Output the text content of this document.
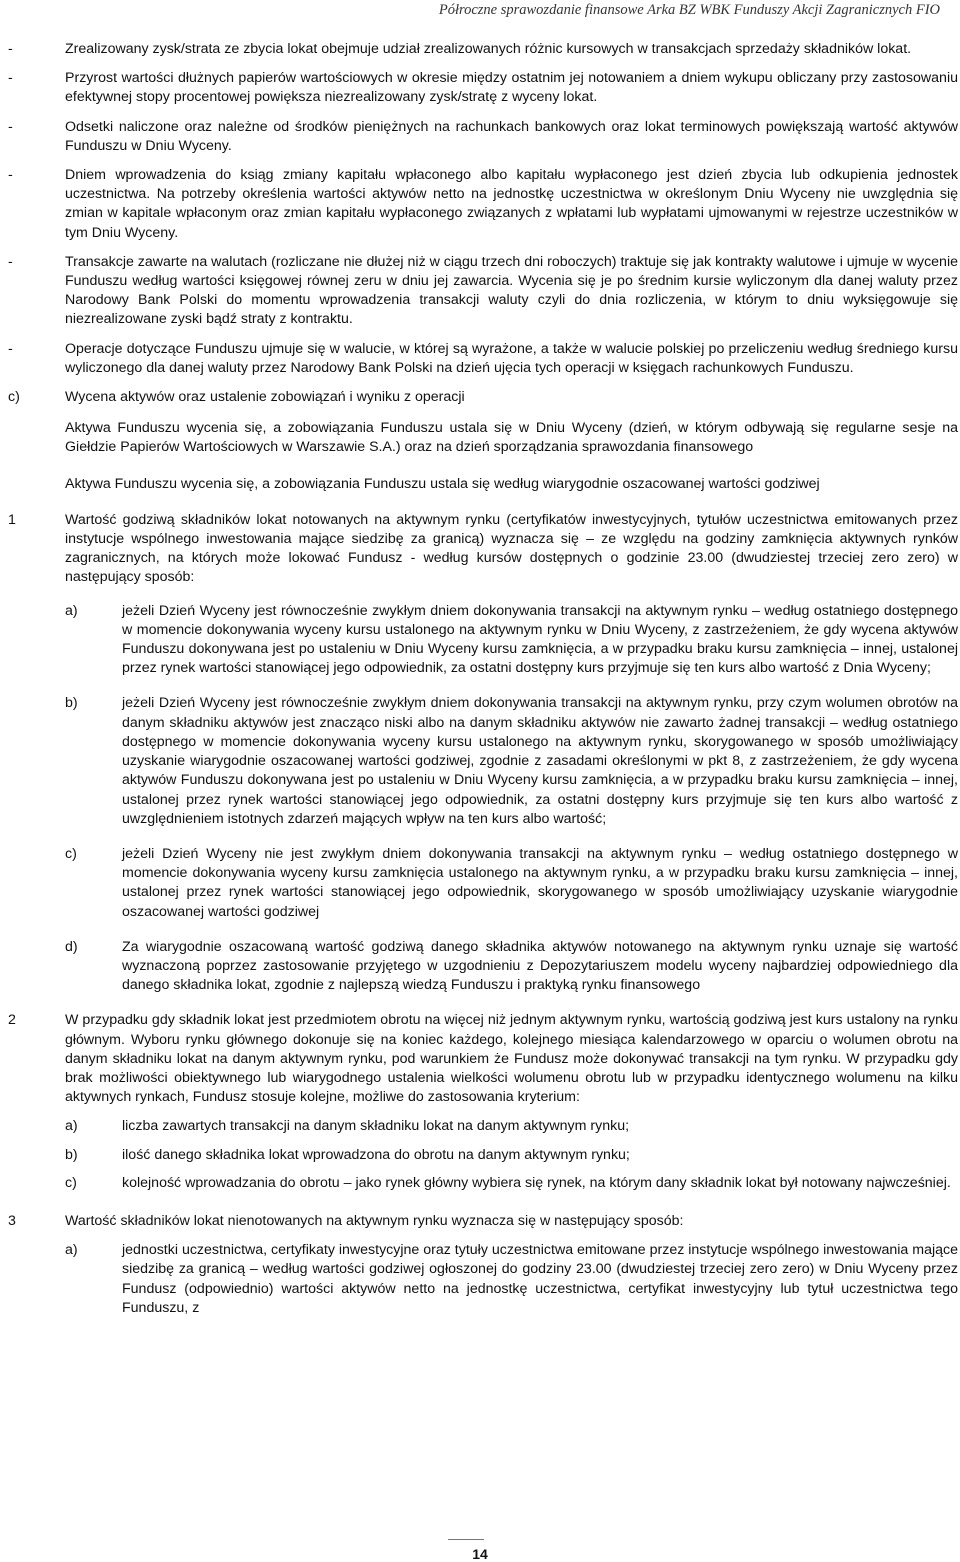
Półroczne sprawozdanie finansowe Arka BZ WBK Funduszy Akcji Zagranicznych FIO
-	Zrealizowany zysk/strata ze zbycia lokat obejmuje udział zrealizowanych różnic kursowych w transakcjach sprzedaży składników lokat.

-	Przyrost wartości dłużnych papierów wartościowych w okresie między ostatnim jej notowaniem a dniem wykupu obliczany przy zastosowaniu efektywnej stopy procentowej powiększa niezrealizowany zysk/stratę z wyceny lokat.

-	Odsetki naliczone oraz należne od środków pieniężnych na rachunkach bankowych oraz lokat terminowych powiększają wartość aktywów Funduszu w Dniu Wyceny.

-	Dniem wprowadzenia do ksiąg zmiany kapitału wpłaconego albo kapitału wypłaconego jest dzień zbycia lub odkupienia jednostek uczestnictwa. Na potrzeby określenia wartości aktywów netto na jednostkę uczestnictwa w określonym Dniu Wyceny nie uwzględnia się zmian w kapitale wpłaconym oraz zmian kapitału wypłaconego związanych z wpłatami lub wypłatami ujmowanymi w rejestrze uczestników w tym Dniu Wyceny.

-	Transakcje zawarte na walutach (rozliczane nie dłużej niż w ciągu trzech dni roboczych) traktuje się jak kontrakty walutowe i ujmuje w wycenie Funduszu według wartości księgowej równej zeru w dniu jej zawarcia. Wycenia się je po średnim kursie wyliczonym dla danej waluty przez Narodowy Bank Polski do momentu wprowadzenia transakcji waluty czyli do dnia rozliczenia, w którym to dniu wyksięgowuje się niezrealizowane zyski bądź straty z kontraktu.

-	Operacje dotyczące Funduszu ujmuje się w walucie, w której są wyrażone, a także w walucie polskiej po przeliczeniu według średniego kursu wyliczonego dla danej waluty przez Narodowy Bank Polski na dzień ujęcia tych operacji w księgach rachunkowych Funduszu.

c)	Wycena aktywów oraz ustalenie zobowiązań i wyniku z operacji

Aktywa Funduszu wycenia się, a zobowiązania Funduszu ustala się w Dniu Wyceny (dzień, w którym odbywają się regularne sesje na Giełdzie Papierów Wartościowych w Warszawie S.A.) oraz na dzień sporządzania sprawozdania finansowego

Aktywa Funduszu wycenia się, a zobowiązania Funduszu ustala się według wiarygodnie oszacowanej wartości godziwej

1	Wartość godziwą składników lokat notowanych na aktywnym rynku (certyfikatów inwestycyjnych, tytułów uczestnictwa emitowanych przez instytucje wspólnego inwestowania mające siedzibę za granicą) wyznacza się – ze względu na godziny zamknięcia aktywnych rynków zagranicznych, na których może lokować Fundusz - według kursów dostępnych o godzinie 23.00 (dwudziestej trzeciej zero zero) w następujący sposób:

a)	jeżeli Dzień Wyceny jest równocześnie zwykłym dniem dokonywania transakcji na aktywnym rynku – według ostatniego dostępnego w momencie dokonywania wyceny kursu ustalonego na aktywnym rynku w Dniu Wyceny, z zastrzeżeniem, że gdy wycena aktywów Funduszu dokonywana jest po ustaleniu w Dniu Wyceny kursu zamknięcia, a w przypadku braku kursu zamknięcia – innej, ustalonej przez rynek wartości stanowiącej jego odpowiednik, za ostatni dostępny kurs przyjmuje się ten kurs albo wartość z Dnia Wyceny;

b)	jeżeli Dzień Wyceny jest równocześnie zwykłym dniem dokonywania transakcji na aktywnym rynku, przy czym wolumen obrotów na danym składniku aktywów jest znacząco niski albo na danym składniku aktywów nie zawarto żadnej transakcji – według ostatniego dostępnego w momencie dokonywania wyceny kursu ustalonego na aktywnym rynku, skorygowanego w sposób umożliwiający uzyskanie wiarygodnie oszacowanej wartości godziwej, zgodnie z zasadami określonymi w pkt 8, z zastrzeżeniem, że gdy wycena aktywów Funduszu dokonywana jest po ustaleniu w Dniu Wyceny kursu zamknięcia, a w przypadku braku kursu zamknięcia – innej, ustalonej przez rynek wartości stanowiącej jego odpowiednik, za ostatni dostępny kurs przyjmuje się ten kurs albo wartość z uwzględnieniem istotnych zdarzeń mających wpływ na ten kurs albo wartość;

c)	jeżeli Dzień Wyceny nie jest zwykłym dniem dokonywania transakcji na aktywnym rynku – według ostatniego dostępnego w momencie dokonywania wyceny kursu zamknięcia ustalonego na aktywnym rynku, a w przypadku braku kursu zamknięcia – innej, ustalonej przez rynek wartości stanowiącej jego odpowiednik, skorygowanego w sposób umożliwiający uzyskanie wiarygodnie oszacowanej wartości godziwej

d)	Za wiarygodnie oszacowaną wartość godziwą danego składnika aktywów notowanego na aktywnym rynku uznaje się wartość wyznaczoną poprzez zastosowanie przyjętego w uzgodnieniu z Depozytariuszem modelu wyceny najbardziej odpowiedniego dla danego składnika lokat, zgodnie z najlepszą wiedzą Funduszu i praktyką rynku finansowego

2	W przypadku gdy składnik lokat jest przedmiotem obrotu na więcej niż jednym aktywnym rynku, wartością godziwą jest kurs ustalony na rynku głównym. Wyboru rynku głównego dokonuje się na koniec każdego, kolejnego miesiąca kalendarzowego w oparciu o wolumen obrotu na danym składniku lokat na danym aktywnym rynku, pod warunkiem że Fundusz może dokonywać transakcji na tym rynku. W przypadku gdy brak możliwości obiektywnego lub wiarygodnego ustalenia wielkości wolumenu obrotu lub w przypadku identycznego wolumenu na kilku aktywnych rynkach, Fundusz stosuje kolejne, możliwe do zastosowania kryterium:

a)	liczba zawartych transakcji na danym składniku lokat na danym aktywnym rynku;

b)	ilość danego składnika lokat wprowadzona do obrotu na danym aktywnym rynku;

c)	kolejność wprowadzania do obrotu – jako rynek główny wybiera się rynek, na którym dany składnik lokat był notowany najwcześniej.

3	Wartość składników lokat nienotowanych na aktywnym rynku wyznacza się w następujący sposób:

a)	jednostki uczestnictwa, certyfikaty inwestycyjne oraz tytuły uczestnictwa emitowane przez instytucje wspólnego inwestowania mające siedzibę za granicą – według wartości godziwej ogłoszonej do godziny 23.00 (dwudziestej trzeciej zero zero) w Dniu Wyceny przez Fundusz (odpowiednio) wartości aktywów netto na jednostkę uczestnictwa, certyfikat inwestycyjny lub tytuł uczestnictwa tego Funduszu, z

14
